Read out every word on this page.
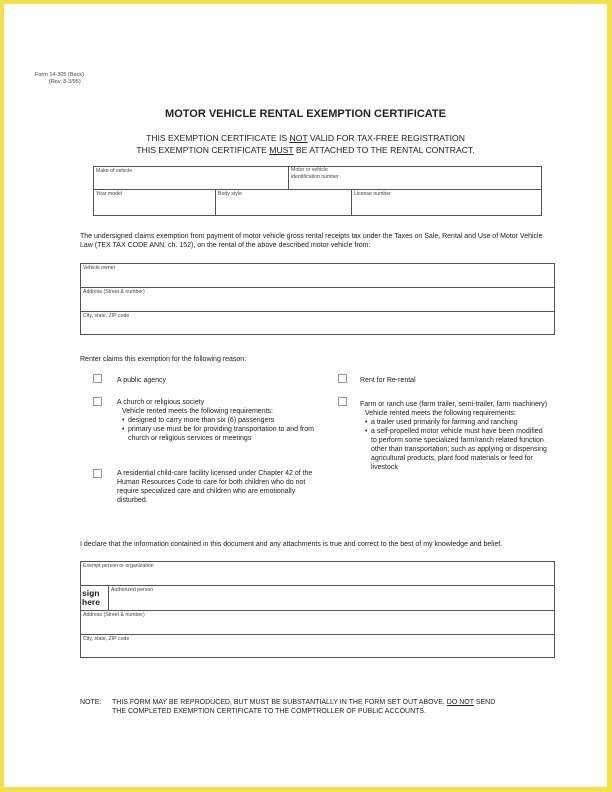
Form 14-305 (Back)
(Rev. 8-3/95)
MOTOR VEHICLE RENTAL EXEMPTION CERTIFICATE
THIS EXEMPTION CERTIFICATE IS NOT VALID FOR TAX-FREE REGISTRATION
THIS EXEMPTION CERTIFICATE MUST BE ATTACHED TO THE RENTAL CONTRACT.
Make of vehicle	Motor or vehicle
identification number
Year model	Body style	License number
The undersigned claims exemption from payment of motor vehicle gross rental receipts tax under the Taxes on Sale, Rental and Use of Motor Vehicle Law (TEX TAX CODE ANN. ch. 152), on the rental of the above described motor vehicle from:
Vehicle owner
Address (Street & number)
City, state, ZIP code
Renter claims this exemption for the following reason:
A public agency
A church or religious society
Vehicle rented meets the following requirements:
• designed to carry more than six (6) passengers
• primary use must be for providing transportation to and from church or religious services or meetings
A residential child-care facility licensed under Chapter 42 of the Human Resources Code to care for both children who do not require specialized care and children who are emotionally disturbed.
Rent for Re-rental
Farm or ranch use (farm trailer, semi-trailer, farm machinery)
Vehicle rented meets the following requirements:
• a trailer used primarily for farming and ranching
• a self-propelled motor vehicle must have been modified to perform some specialized farm/ranch related function other than transportation; such as applying or dispensing agricultural products, plant food materials or feed for livestock
I declare that the information contained in this document and any attachments is true and correct to the best of my knowledge and belief.
Exempt person or organization
sign
here
Authorized person
Address (Street & number)
City, state, ZIP code
NOTE: THIS FORM MAY BE REPRODUCED, BUT MUST BE SUBSTANTIALLY IN THE FORM SET OUT ABOVE. DO NOT SEND
THE COMPLETED EXEMPTION CERTIFICATE TO THE COMPTROLLER OF PUBLIC ACCOUNTS.
